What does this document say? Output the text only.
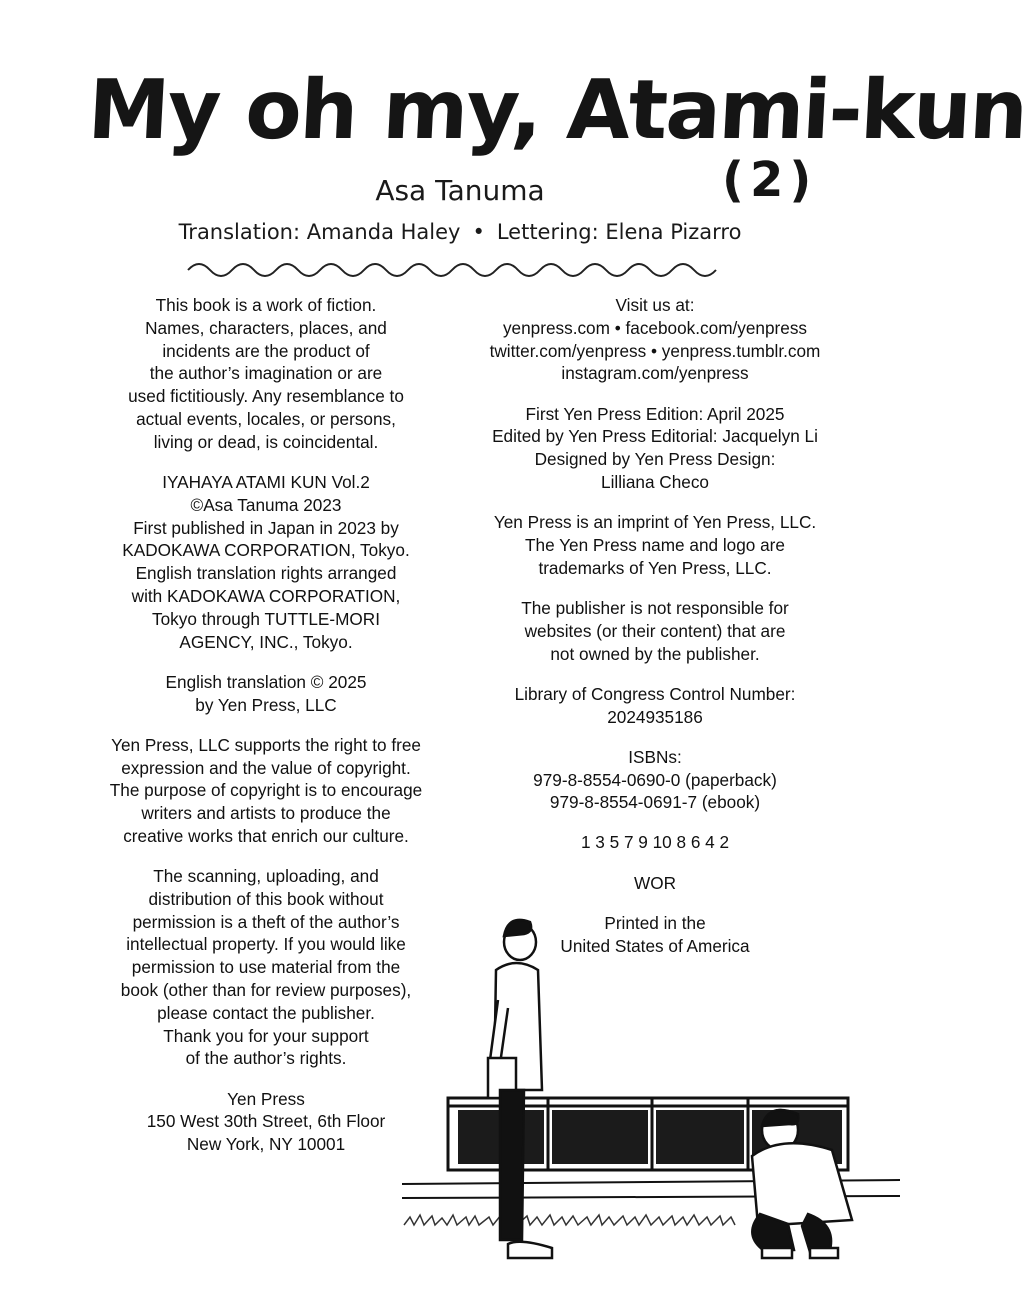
My oh my, Atami-kun
(2)
Asa Tanuma
Translation: Amanda Haley • Lettering: Elena Pizarro

This book is a work of fiction.
Names, characters, places, and
incidents are the product of
the author’s imagination or are
used fictitiously. Any resemblance to
actual events, locales, or persons,
living or dead, is coincidental.

IYAHAYA ATAMI KUN Vol.2
©Asa Tanuma 2023
First published in Japan in 2023 by
KADOKAWA CORPORATION, Tokyo.
English translation rights arranged
with KADOKAWA CORPORATION,
Tokyo through TUTTLE-MORI
AGENCY, INC., Tokyo.

English translation © 2025
by Yen Press, LLC

Yen Press, LLC supports the right to free
expression and the value of copyright.
The purpose of copyright is to encourage
writers and artists to produce the
creative works that enrich our culture.

The scanning, uploading, and
distribution of this book without
permission is a theft of the author’s
intellectual property. If you would like
permission to use material from the
book (other than for review purposes),
please contact the publisher.
Thank you for your support
of the author’s rights.

Yen Press
150 West 30th Street, 6th Floor
New York, NY 10001

Visit us at:
yenpress.com • facebook.com/yenpress
twitter.com/yenpress • yenpress.tumblr.com
instagram.com/yenpress

First Yen Press Edition: April 2025
Edited by Yen Press Editorial: Jacquelyn Li
Designed by Yen Press Design:
Lilliana Checo

Yen Press is an imprint of Yen Press, LLC.
The Yen Press name and logo are
trademarks of Yen Press, LLC.

The publisher is not responsible for
websites (or their content) that are
not owned by the publisher.

Library of Congress Control Number:
2024935186

ISBNs:
979-8-8554-0690-0 (paperback)
979-8-8554-0691-7 (ebook)

1 3 5 7 9 10 8 6 4 2

WOR

Printed in the
United States of America
